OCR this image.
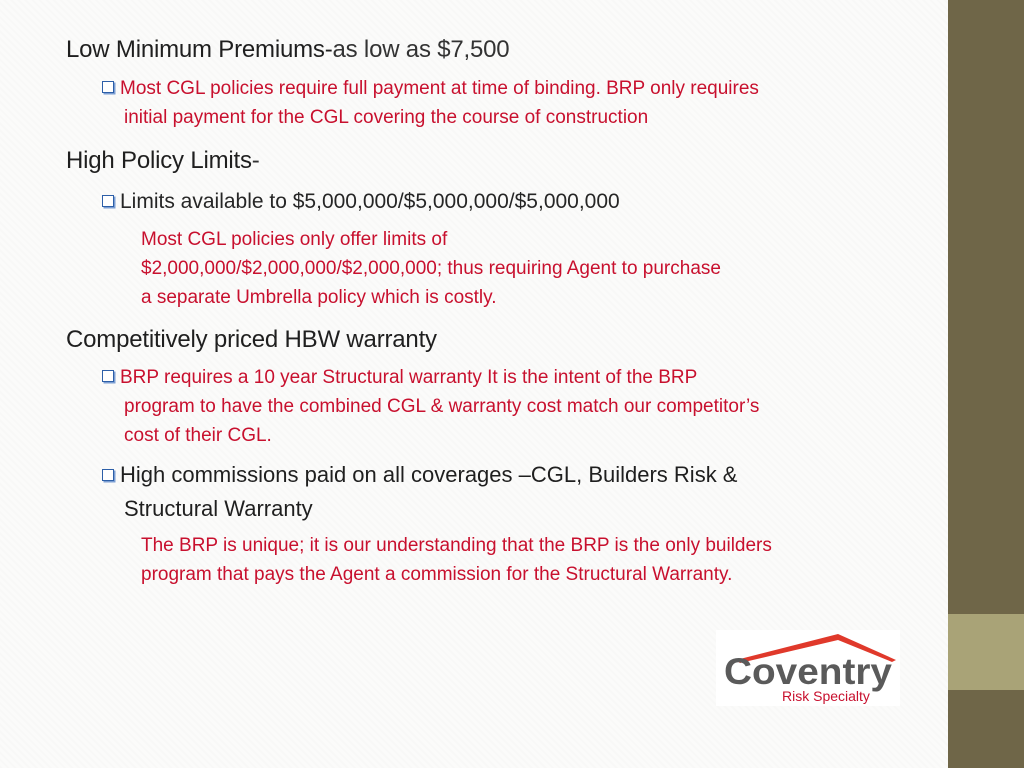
Low Minimum Premiums-as low as $7,500

Most CGL policies require full payment at time of binding. BRP only requires

initial payment for the CGL covering the course of construction

High Policy Limits-

Limits available to $5,000,000/$5,000,000/$5,000,000

Most CGL policies only offer limits of

$2,000,000/$2,000,000/$2,000,000; thus requiring Agent to purchase

a separate Umbrella policy which is costly.

Competitively priced HBW warranty

BRP requires a 10 year Structural warranty It is the intent of the BRP

program to have the combined CGL & warranty cost match our competitor’s

cost of their CGL.

High commissions paid on all coverages –CGL, Builders Risk &

Structural Warranty

The BRP is unique; it is our understanding that the BRP is the only builders

program that pays the Agent a commission for the Structural Warranty.

Coventry
Risk Specialty
